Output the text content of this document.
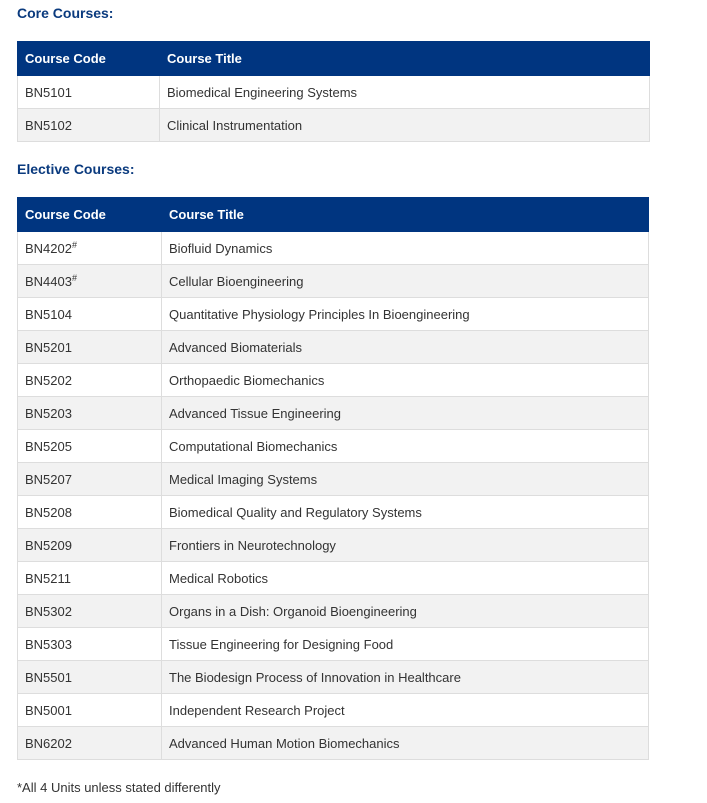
Core Courses:
Course Code	Course Title
BN5101	Biomedical Engineering Systems
BN5102	Clinical Instrumentation
Elective Courses:
Course Code	Course Title
BN4202#	Biofluid Dynamics
BN4403#	Cellular Bioengineering
BN5104	Quantitative Physiology Principles In Bioengineering
BN5201	Advanced Biomaterials
BN5202	Orthopaedic Biomechanics
BN5203	Advanced Tissue Engineering
BN5205	Computational Biomechanics
BN5207	Medical Imaging Systems
BN5208	Biomedical Quality and Regulatory Systems
BN5209	Frontiers in Neurotechnology
BN5211	Medical Robotics
BN5302	Organs in a Dish: Organoid Bioengineering
BN5303	Tissue Engineering for Designing Food
BN5501	The Biodesign Process of Innovation in Healthcare
BN5001	Independent Research Project
BN6202	Advanced Human Motion Biomechanics

*All 4 Units unless stated differently
